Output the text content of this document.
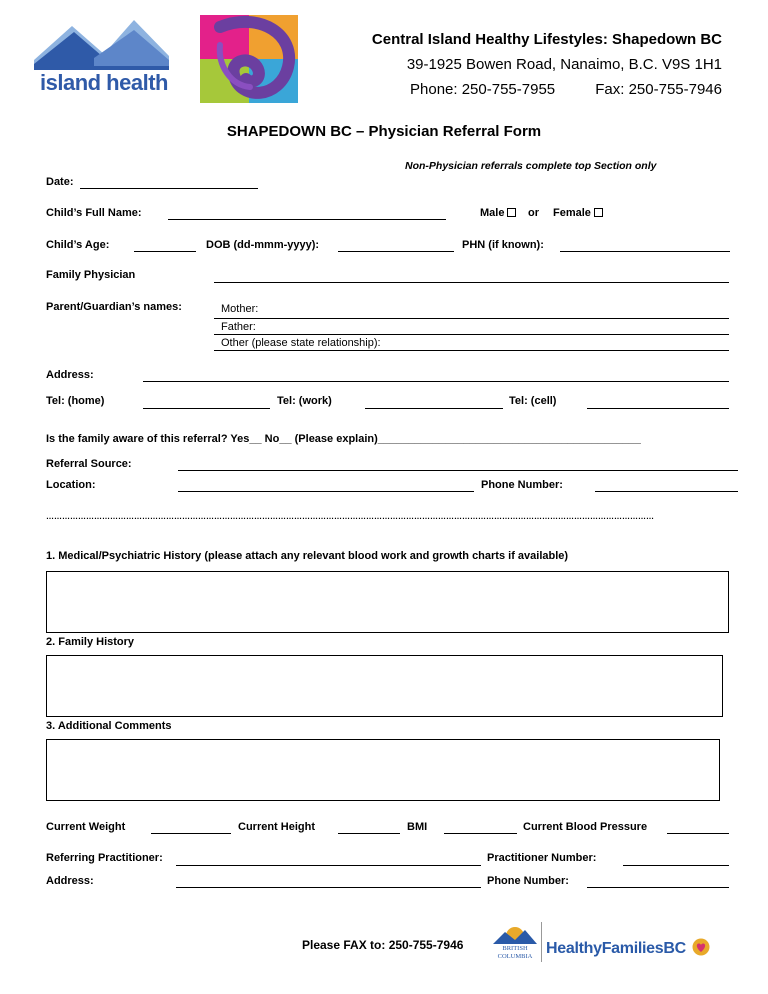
island health
Central Island Healthy Lifestyles: Shapedown BC
39-1925 Bowen Road, Nanaimo, B.C. V9S 1H1
Phone: 250-755-7955	Fax: 250-755-7946
SHAPEDOWN BC – Physician Referral Form
Non-Physician referrals complete top Section only
Date:
Child’s Full Name:	Male	or Female
Child’s Age:	DOB (dd-mmm-yyyy):	PHN (if known):
Family Physician
Parent/Guardian’s names:	Mother:
Father:
Other (please state relationship):
Address:
Tel: (home)	Tel: (work)	Tel: (cell)
Is the family aware of this referral? Yes__ No__ (Please explain)___________________________________________
Referral Source:
Location:	Phone Number:
…………………………………………………………………………………………………………………………………………………………………………………………………………
1. Medical/Psychiatric History (please attach any relevant blood work and growth charts if available)
2. Family History
3. Additional Comments
Current Weight	Current Height	BMI	Current Blood Pressure
Referring Practitioner:	Practitioner Number:
Address:	Phone Number:
Please FAX to: 250-755-7946	BRITISH
COLUMBIA HealthyFamiliesBC
